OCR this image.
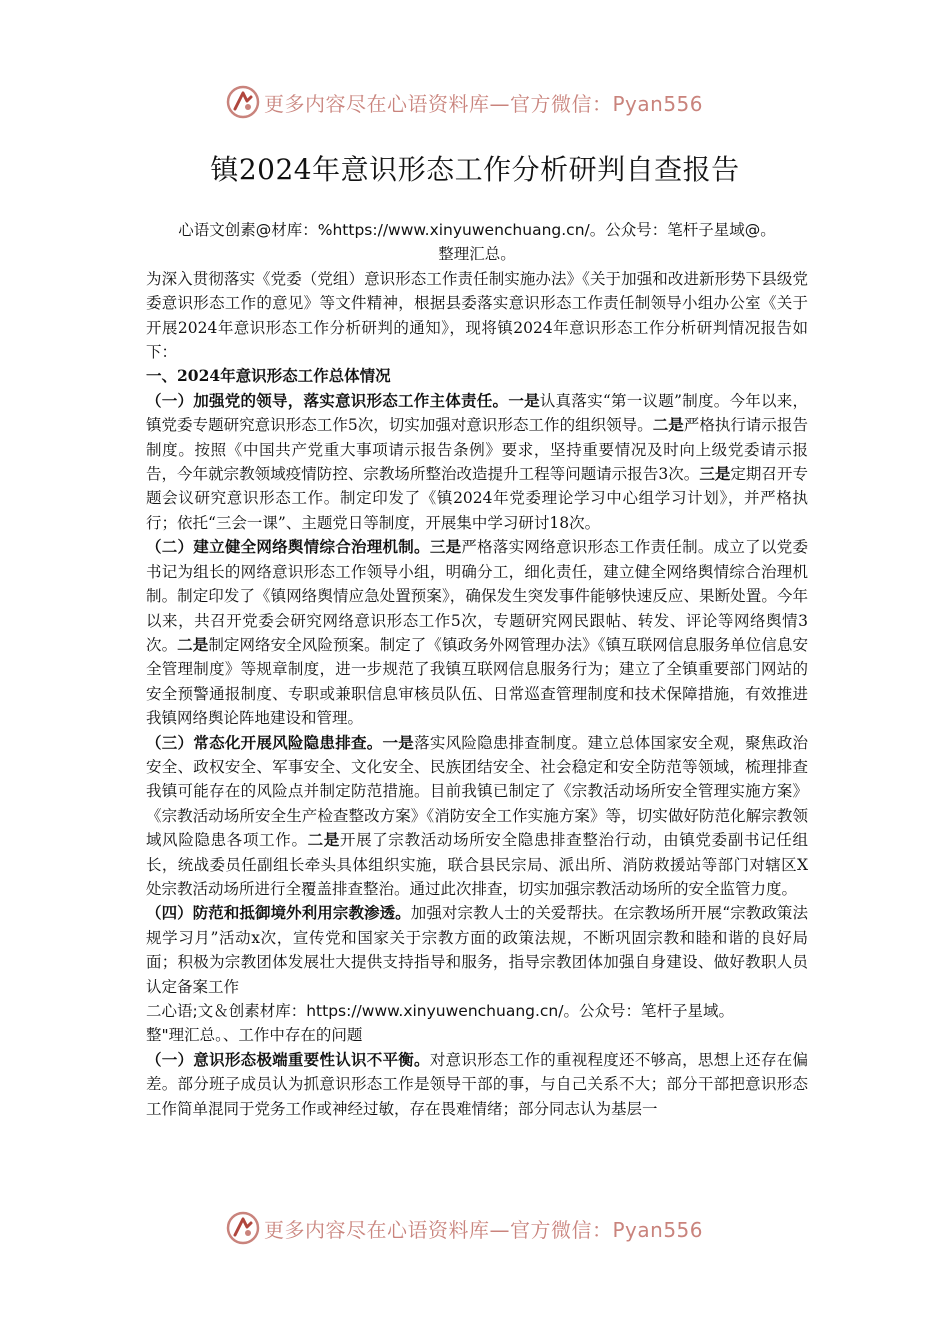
更多内容尽在心语资料库—官方微信：Pyan556
镇2024年意识形态工作分析研判自查报告
心语文创素@材库：%https://www.xinyuwenchuang.cn/。公众号：笔杆子星域@。
整理汇总。

为深入贯彻落实《党委（党组）意识形态工作责任制实施办法》《关于加强和改进新形势下县级党委意识形态工作的意见》等文件精神，根据县委落实意识形态工作责任制领导小组办公室《关于开展2024年意识形态工作分析研判的通知》，现将镇2024年意识形态工作分析研判情况报告如下：

一、2024年意识形态工作总体情况

（一）加强党的领导，落实意识形态工作主体责任。一是认真落实“第一议题”制度。今年以来，镇党委专题研究意识形态工作5次，切实加强对意识形态工作的组织领导。二是严格执行请示报告制度。按照《中国共产党重大事项请示报告条例》要求，坚持重要情况及时向上级党委请示报告，今年就宗教领域疫情防控、宗教场所整治改造提升工程等问题请示报告3次。三是定期召开专题会议研究意识形态工作。制定印发了《镇2024年党委理论学习中心组学习计划》，并严格执行；依托“三会一课”、主题党日等制度，开展集中学习研讨18次。

（二）建立健全网络舆情综合治理机制。三是严格落实网络意识形态工作责任制。成立了以党委书记为组长的网络意识形态工作领导小组，明确分工，细化责任，建立健全网络舆情综合治理机制。制定印发了《镇网络舆情应急处置预案》，确保发生突发事件能够快速反应、果断处置。今年以来，共召开党委会研究网络意识形态工作5次，专题研究网民跟帖、转发、评论等网络舆情3次。二是制定网络安全风险预案。制定了《镇政务外网管理办法》《镇互联网信息服务单位信息安全管理制度》等规章制度，进一步规范了我镇互联网信息服务行为；建立了全镇重要部门网站的安全预警通报制度、专职或兼职信息审核员队伍、日常巡查管理制度和技术保障措施，有效推进我镇网络舆论阵地建设和管理。

（三）常态化开展风险隐患排查。一是落实风险隐患排查制度。建立总体国家安全观，聚焦政治安全、政权安全、军事安全、文化安全、民族团结安全、社会稳定和安全防范等领域，梳理排查我镇可能存在的风险点并制定防范措施。目前我镇已制定了《宗教活动场所安全管理实施方案》《宗教活动场所安全生产检查整改方案》《消防安全工作实施方案》等，切实做好防范化解宗教领域风险隐患各项工作。二是开展了宗教活动场所安全隐患排查整治行动，由镇党委副书记任组长，统战委员任副组长牵头具体组织实施，联合县民宗局、派出所、消防救援站等部门对辖区X处宗教活动场所进行全覆盖排查整治。通过此次排查，切实加强宗教活动场所的安全监管力度。

（四）防范和抵御境外利用宗教渗透。加强对宗教人士的关爱帮扶。在宗教场所开展“宗教政策法规学习月”活动x次，宣传党和国家关于宗教方面的政策法规，不断巩固宗教和睦和谐的良好局面；积极为宗教团体发展壮大提供支持指导和服务，指导宗教团体加强自身建设、做好教职人员认定备案工作

二心语;文＆创素材库：https://www.xinyuwenchuang.cn/。公众号：笔杆子星域。
整"理汇总。、工作中存在的问题

（一）意识形态极端重要性认识不平衡。对意识形态工作的重视程度还不够高，思想上还存在偏差。部分班子成员认为抓意识形态工作是领导干部的事，与自己关系不大；部分干部把意识形态工作简单混同于党务工作或神经过敏，存在畏难情绪；部分同志认为基层一

更多内容尽在心语资料库—官方微信：Pyan556
